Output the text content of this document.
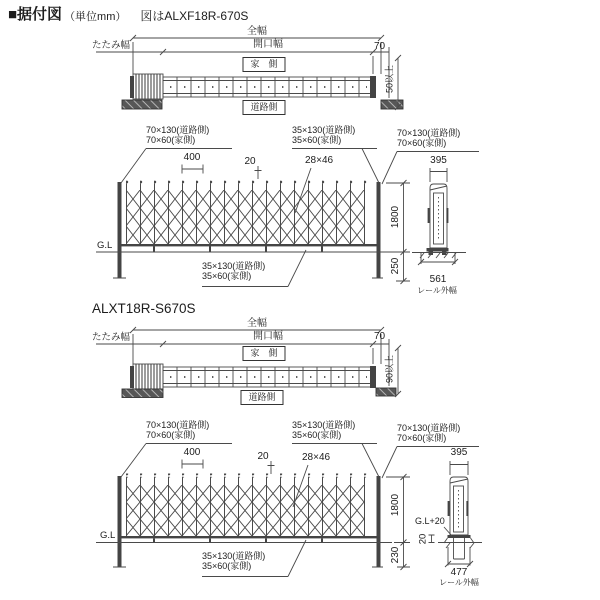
■据付図 （単位mm） 図はALXF18R-670S
全幅
開口幅
たたみ幅	70
家　側
道路側
50以上
70×130(道路側)
70×60(家側)
35×130(道路側)
35×60(家側)
70×130(道路側)
70×60(家側)
400	20	28×46	395
G.L
1800
250
35×130(道路側)
35×60(家側)	561
レール外幅
ALXT18R-S670S
全幅
開口幅
たたみ幅	70
家　側
道路側
90以上
70×130(道路側)
70×60(家側)
35×130(道路側)
35×60(家側)
70×130(道路側)
70×60(家側)
400	20	28×46	395
G.L
1800
230
G.L+20
20
35×130(道路側)
35×60(家側)
477
レール外幅
